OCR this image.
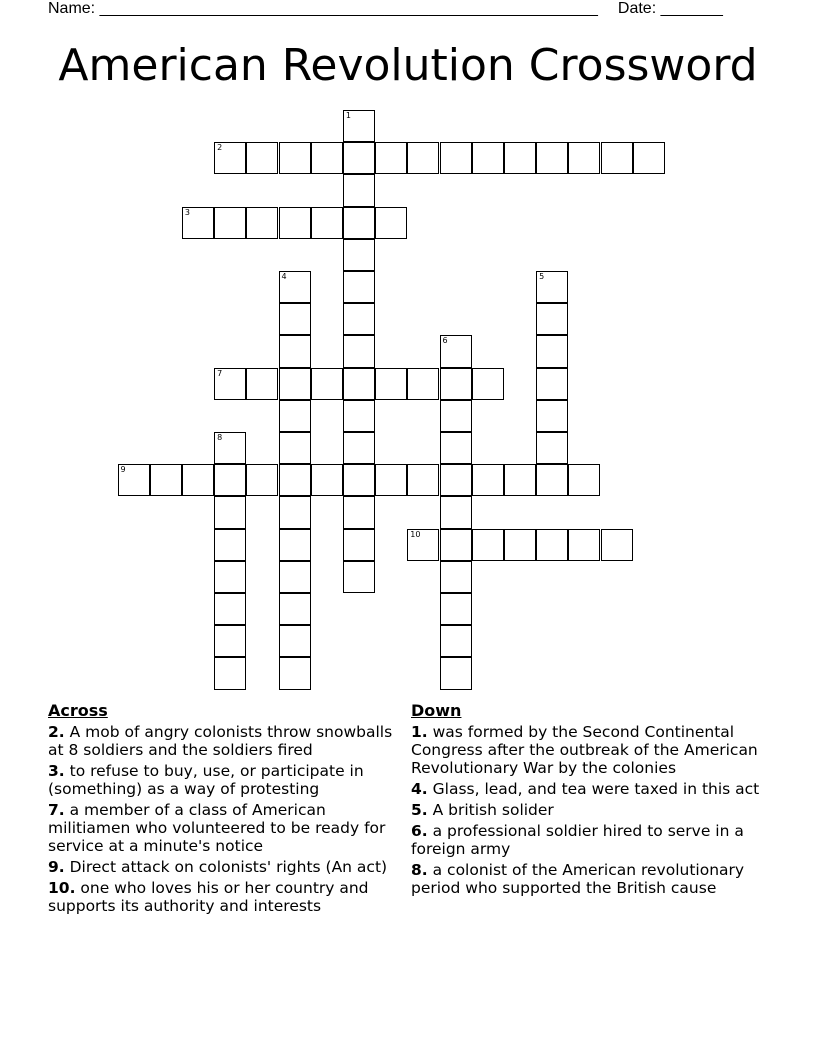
Name: ________________________________________________________ Date: _______
American Revolution Crossword
1
2
3
4	5
6
7
8
9
10
Across
2. A mob of angry colonists throw snowballs at 8 soldiers and the soldiers fired
3. to refuse to buy, use, or participate in (something) as a way of protesting
7. a member of a class of American militiamen who volunteered to be ready for service at a minute's notice
9. Direct attack on colonists' rights (An act)
10. one who loves his or her country and supports its authority and interests
Down
1. was formed by the Second Continental Congress after the outbreak of the American Revolutionary War by the colonies
4. Glass, lead, and tea were taxed in this act
5. A british solider
6. a professional soldier hired to serve in a foreign army
8. a colonist of the American revolutionary period who supported the British cause
